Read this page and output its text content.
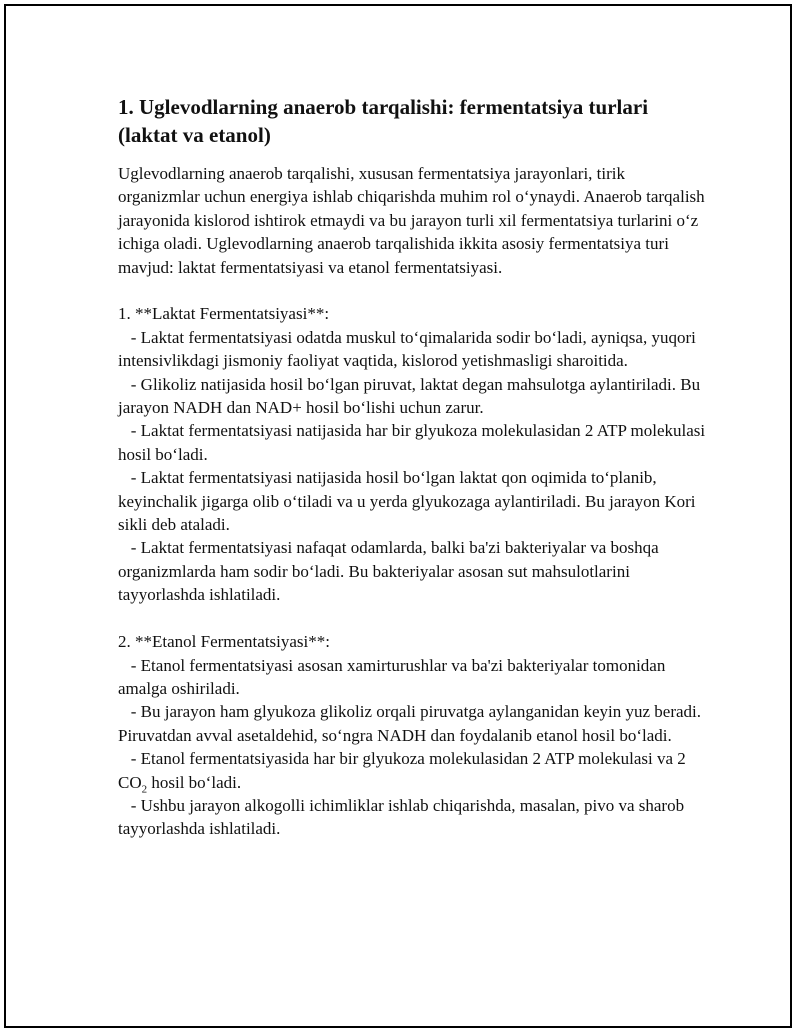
1. Uglevodlarning anaerob tarqalishi: fermentatsiya turlari (laktat va etanol)

Uglevodlarning anaerob tarqalishi, xususan fermentatsiya jarayonlari, tirik organizmlar uchun energiya ishlab chiqarishda muhim rol o‘ynaydi. Anaerob tarqalish jarayonida kislorod ishtirok etmaydi va bu jarayon turli xil fermentatsiya turlarini o‘z ichiga oladi. Uglevodlarning anaerob tarqalishida ikkita asosiy fermentatsiya turi mavjud: laktat fermentatsiyasi va etanol fermentatsiyasi.

1. **Laktat Fermentatsiyasi**:

- Laktat fermentatsiyasi odatda muskul to‘qimalarida sodir bo‘ladi, ayniqsa, yuqori intensivlikdagi jismoniy faoliyat vaqtida, kislorod yetishmasligi sharoitida.

- Glikoliz natijasida hosil bo‘lgan piruvat, laktat degan mahsulotga aylantiriladi. Bu jarayon NADH dan NAD+ hosil bo‘lishi uchun zarur.

- Laktat fermentatsiyasi natijasida har bir glyukoza molekulasidan 2 ATP molekulasi hosil bo‘ladi.

- Laktat fermentatsiyasi natijasida hosil bo‘lgan laktat qon oqimida to‘planib, keyinchalik jigarga olib o‘tiladi va u yerda glyukozaga aylantiriladi. Bu jarayon Kori sikli deb ataladi.

- Laktat fermentatsiyasi nafaqat odamlarda, balki ba'zi bakteriyalar va boshqa organizmlarda ham sodir bo‘ladi. Bu bakteriyalar asosan sut mahsulotlarini tayyorlashda ishlatiladi.

2. **Etanol Fermentatsiyasi**:

- Etanol fermentatsiyasi asosan xamirturushlar va ba'zi bakteriyalar tomonidan amalga oshiriladi.

- Bu jarayon ham glyukoza glikoliz orqali piruvatga aylanganidan keyin yuz beradi. Piruvatdan avval asetaldehid, so‘ngra NADH dan foydalanib etanol hosil bo‘ladi.

- Etanol fermentatsiyasida har bir glyukoza molekulasidan 2 ATP molekulasi va 2 $CO_2$ hosil bo‘ladi.

- Ushbu jarayon alkogolli ichimliklar ishlab chiqarishda, masalan, pivo va sharob tayyorlashda ishlatiladi.
